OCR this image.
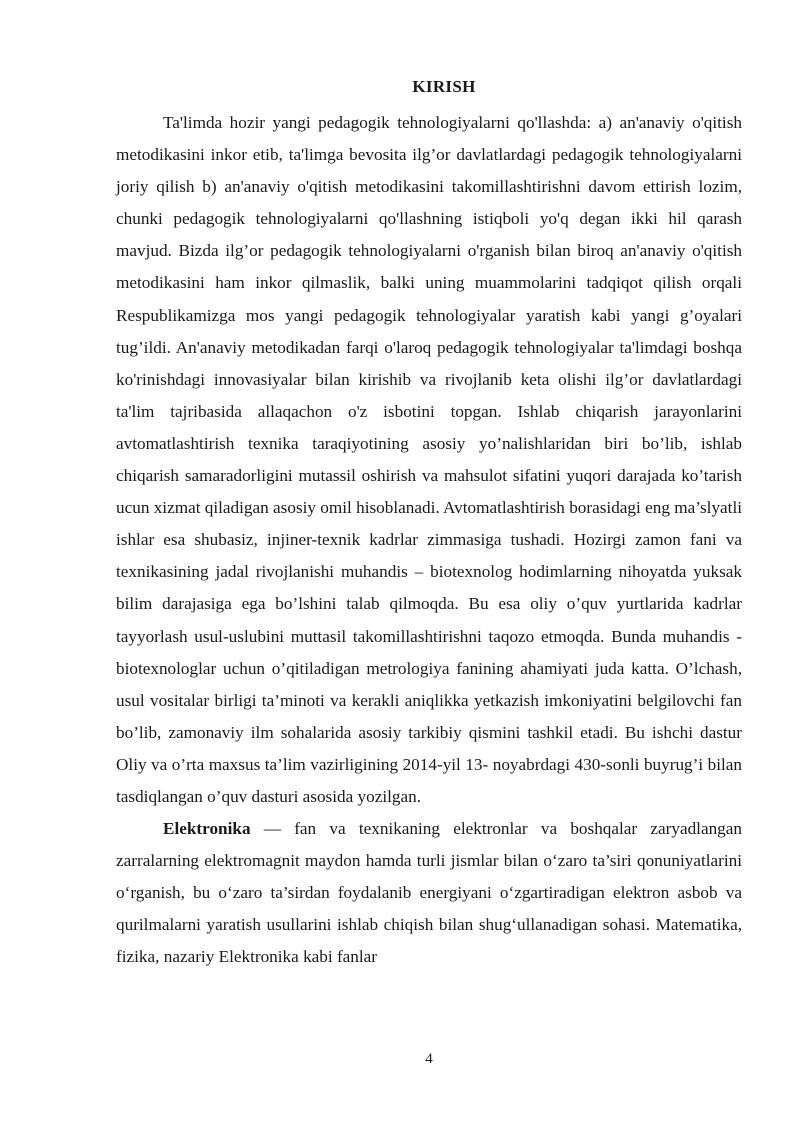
KIRISH

Ta'limda hozir yangi pedagogik tehnologiyalarni qo'llashda: a) an'anaviy o'qitish metodikasini inkor etib, ta'limga bevosita ilg’or davlatlardagi pedagogik tehnologiyalarni joriy qilish b) an'anaviy o'qitish metodikasini takomillashtirishni davom ettirish lozim, chunki pedagogik tehnologiyalarni qo'llashning istiqboli yo'q degan ikki hil qarash mavjud. Bizda ilg’or pedagogik tehnologiyalarni o'rganish bilan biroq an'anaviy o'qitish metodikasini ham inkor qilmaslik, balki uning muammolarini tadqiqot qilish orqali Respublikamizga mos yangi pedagogik tehnologiyalar yaratish kabi yangi g’oyalari tug’ildi. An'anaviy metodikadan farqi o'laroq pedagogik tehnologiyalar ta'limdagi boshqa ko'rinishdagi innovasiyalar bilan kirishib va rivojlanib keta olishi ilg’or davlatlardagi ta'lim tajribasida allaqachon o'z isbotini topgan. Ishlab chiqarish jarayonlarini avtomatlashtirish texnika taraqiyotining asosiy yo’nalishlaridan biri bo’lib, ishlab chiqarish samaradorligini mutassil oshirish va mahsulot sifatini yuqori darajada ko’tarish ucun xizmat qiladigan asosiy omil hisoblanadi. Avtomatlashtirish borasidagi eng ma’slyatli ishlar esa shubasiz, injiner-texnik kadrlar zimmasiga tushadi. Hozirgi zamon fani va texnikasining jadal rivojlanishi muhandis – biotexnolog hodimlarning nihoyatda yuksak bilim darajasiga ega bo’lshini talab qilmoqda. Bu esa oliy o’quv yurtlarida kadrlar tayyorlash usul-uslubini muttasil takomillashtirishni taqozo etmoqda. Bunda muhandis - biotexnologlar uchun o’qitiladigan metrologiya fanining ahamiyati juda katta. O’lchash, usul vositalar birligi ta’minoti va kerakli aniqlikka yetkazish imkoniyatini belgilovchi fan bo’lib, zamonaviy ilm sohalarida asosiy tarkibiy qismini tashkil etadi. Bu ishchi dastur Oliy va o’rta maxsus ta’lim vazirligining 2014-yil 13- noyabrdagi 430-sonli buyrug’i bilan tasdiqlangan o’quv dasturi asosida yozilgan.

Elektronika — fan va texnikaning elektronlar va boshqalar zaryadlangan zarralarning elektromagnit maydon hamda turli jismlar bilan o‘zaro ta’siri qonuniyatlarini o‘rganish, bu o‘zaro ta’sirdan foydalanib energiyani o‘zgartiradigan elektron asbob va qurilmalarni yaratish usullarini ishlab chiqish bilan shug‘ullanadigan sohasi. Matematika, fizika, nazariy Elektronika kabi fanlar

4
